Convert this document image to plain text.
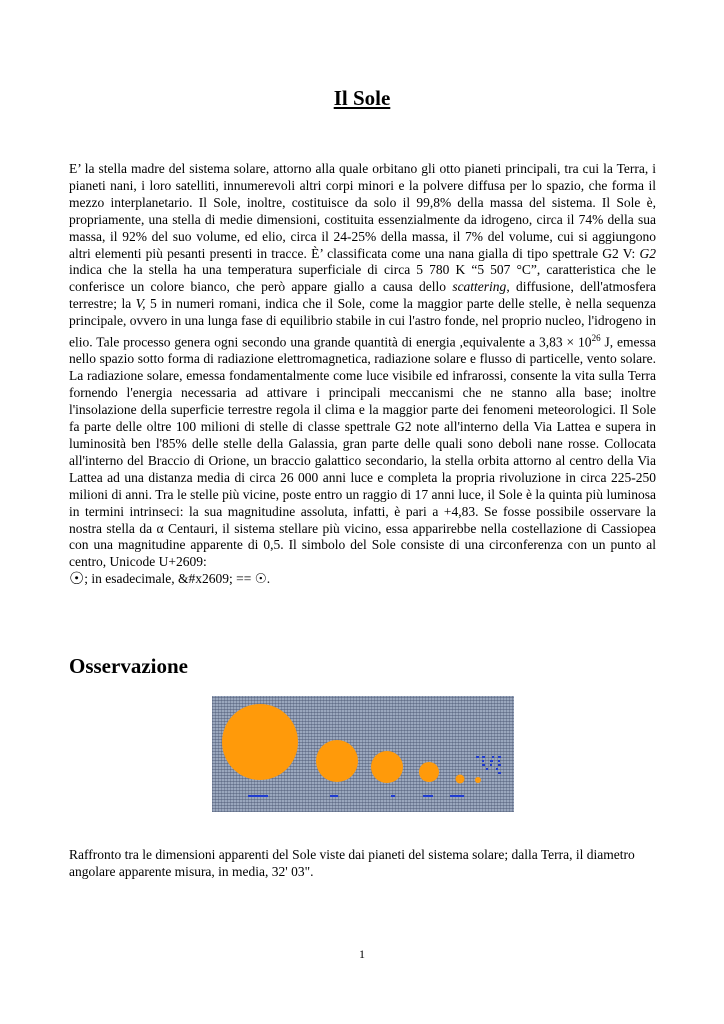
Il Sole

E’ la stella madre del sistema solare, attorno alla quale orbitano gli otto pianeti principali, tra cui la Terra, i pianeti nani, i loro satelliti, innumerevoli altri corpi minori e la polvere diffusa per lo spazio, che forma il mezzo interplanetario. Il Sole, inoltre, costituisce da solo il 99,8% della massa del sistema. Il Sole è, propriamente, una stella di medie dimensioni, costituita essenzialmente da idrogeno, circa il 74% della sua massa, il 92% del suo volume, ed elio, circa il 24-25% della massa, il 7% del volume, cui si aggiungono altri elementi più pesanti presenti in tracce. È’ classificata come una nana gialla di tipo spettrale G2 V: G2 indica che la stella ha una temperatura superficiale di circa 5 780 K “5 507 °C”, caratteristica che le conferisce un colore bianco, che però appare giallo a causa dello scattering, diffusione, dell'atmosfera terrestre; la V, 5 in numeri romani, indica che il Sole, come la maggior parte delle stelle, è nella sequenza principale, ovvero in una lunga fase di equilibrio stabile in cui l'astro fonde, nel proprio nucleo, l'idrogeno in elio. Tale processo genera ogni secondo una grande quantità di energia ,equivalente a $3,83 \times 10^{26}$ J, emessa nello spazio sotto forma di radiazione elettromagnetica, radiazione solare e flusso di particelle, vento solare. La radiazione solare, emessa fondamentalmente come luce visibile ed infrarossi, consente la vita sulla Terra fornendo l'energia necessaria ad attivare i principali meccanismi che ne stanno alla base; inoltre l'insolazione della superficie terrestre regola il clima e la maggior parte dei fenomeni meteorologici. Il Sole fa parte delle oltre 100 milioni di stelle di classe spettrale G2 note all'interno della Via Lattea e supera in luminosità ben l'85% delle stelle della Galassia, gran parte delle quali sono deboli nane rosse. Collocata all'interno del Braccio di Orione, un braccio galattico secondario, la stella orbita attorno al centro della Via Lattea ad una distanza media di circa 26 000 anni luce e completa la propria rivoluzione in circa 225-250 milioni di anni. Tra le stelle più vicine, poste entro un raggio di 17 anni luce, il Sole è la quinta più luminosa in termini intrinseci: la sua magnitudine assoluta, infatti, è pari a +4,83. Se fosse possibile osservare la nostra stella da α Centauri, il sistema stellare più vicino, essa apparirebbe nella costellazione di Cassiopea con una magnitudine apparente di 0,5. Il simbolo del Sole consiste di una circonferenza con un punto al centro, Unicode U+2609:
☉; in esadecimale, &#x2609; == ☉.

Osservazione

Raffronto tra le dimensioni apparenti del Sole viste dai pianeti del sistema solare; dalla Terra, il diametro angolare apparente misura, in media, 32' 03".

1
